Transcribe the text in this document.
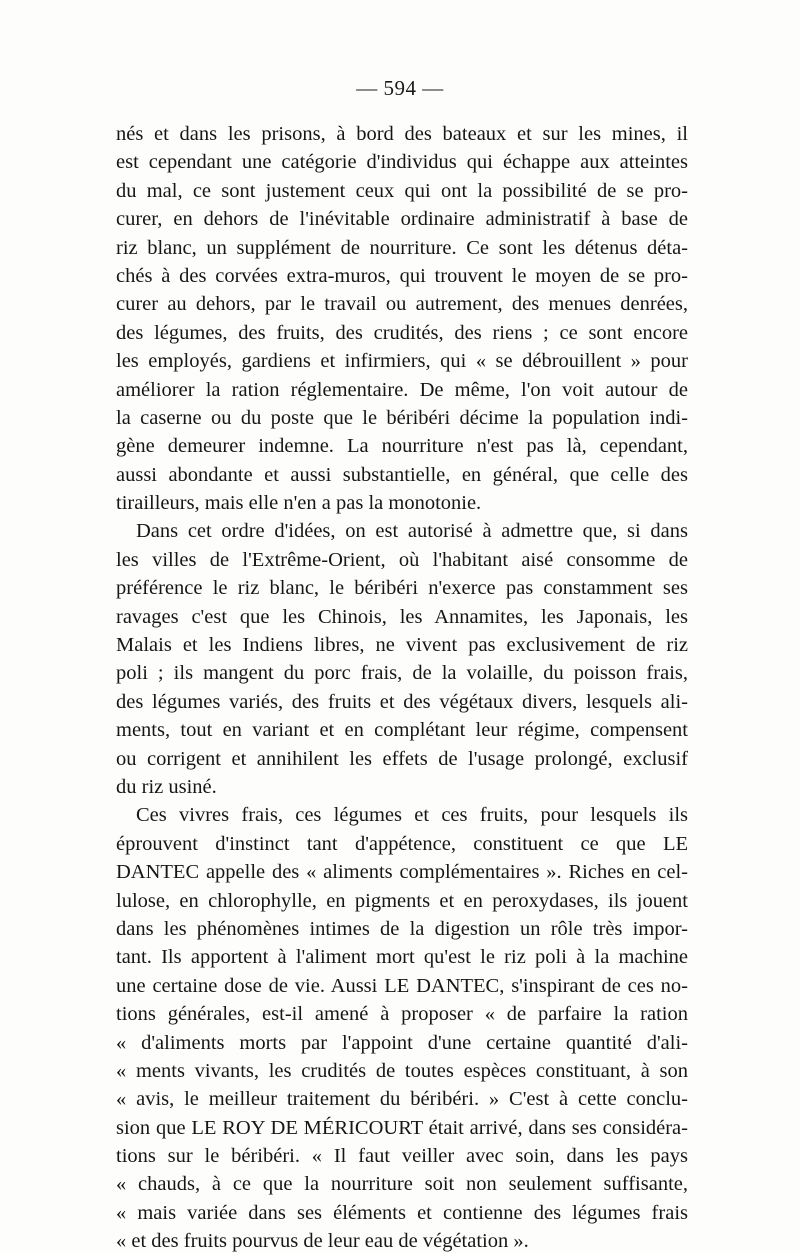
— 594 —
nés et dans les prisons, à bord des bateaux et sur les mines, il
est cependant une catégorie d'individus qui échappe aux atteintes
du mal, ce sont justement ceux qui ont la possibilité de se pro-
curer, en dehors de l'inévitable ordinaire administratif à base de
riz blanc, un supplément de nourriture. Ce sont les détenus déta-
chés à des corvées extra-muros, qui trouvent le moyen de se pro-
curer au dehors, par le travail ou autrement, des menues denrées,
des légumes, des fruits, des crudités, des riens ; ce sont encore
les employés, gardiens et infirmiers, qui « se débrouillent » pour
améliorer la ration réglementaire. De même, l'on voit autour de
la caserne ou du poste que le béribéri décime la population indi-
gène demeurer indemne. La nourriture n'est pas là, cependant,
aussi abondante et aussi substantielle, en général, que celle des
tirailleurs, mais elle n'en a pas la monotonie.
Dans cet ordre d'idées, on est autorisé à admettre que, si dans
les villes de l'Extrême-Orient, où l'habitant aisé consomme de
préférence le riz blanc, le béribéri n'exerce pas constamment ses
ravages c'est que les Chinois, les Annamites, les Japonais, les
Malais et les Indiens libres, ne vivent pas exclusivement de riz
poli ; ils mangent du porc frais, de la volaille, du poisson frais,
des légumes variés, des fruits et des végétaux divers, lesquels ali-
ments, tout en variant et en complétant leur régime, compensent
ou corrigent et annihilent les effets de l'usage prolongé, exclusif
du riz usiné.
Ces vivres frais, ces légumes et ces fruits, pour lesquels ils
éprouvent d'instinct tant d'appétence, constituent ce que LE
DANTEC appelle des « aliments complémentaires ». Riches en cel-
lulose, en chlorophylle, en pigments et en peroxydases, ils jouent
dans les phénomènes intimes de la digestion un rôle très impor-
tant. Ils apportent à l'aliment mort qu'est le riz poli à la machine
une certaine dose de vie. Aussi LE DANTEC, s'inspirant de ces no-
tions générales, est-il amené à proposer « de parfaire la ration
« d'aliments morts par l'appoint d'une certaine quantité d'ali-
« ments vivants, les crudités de toutes espèces constituant, à son
« avis, le meilleur traitement du béribéri. » C'est à cette conclu-
sion que LE ROY DE MÉRICOURT était arrivé, dans ses considéra-
tions sur le béribéri. « Il faut veiller avec soin, dans les pays
« chauds, à ce que la nourriture soit non seulement suffisante,
« mais variée dans ses éléments et contienne des légumes frais
« et des fruits pourvus de leur eau de végétation ».
